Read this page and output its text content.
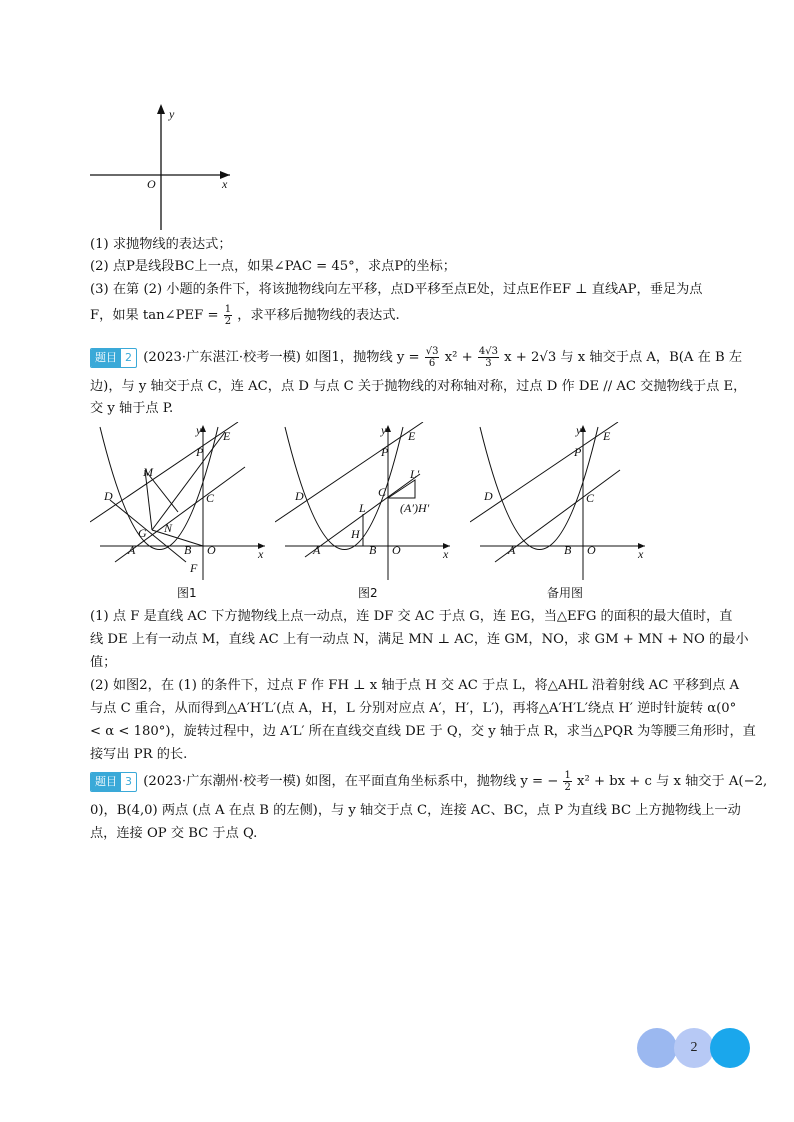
y
x
O
(1) 求抛物线的表达式；
(2) 点P是线段BC上一点，如果∠PAC = 45°，求点P的坐标；
(3) 在第 (2) 小题的条件下，将该抛物线向左平移，点D平移至点E处，过点E作EF ⊥ 直线AP，垂足为点
F，如果 tan∠PEF = $\frac{1}{2}$ ，求平移后抛物线的表达式.
题目 2 (2023·广东湛江·校考一模) 如图1，抛物线 $y = \frac{√3}{6} x^2 + \frac{4√3}{3}$ x + 2√3 与 x 轴交于点 A，B(A 在 B 左
边)，与 y 轴交于点 C，连 AC，点 D 与点 C 关于抛物线的对称轴对称，过点 D 作 DE // AC 交抛物线于点 E，
交 y 轴于点 P.
M
D
G N
A	B
F
O
C
P
E
x
y
D
L
H
A	B O
C
P
E
L′
(A′)H′
x
y
D
A	B O
C
P
E
x
y
图1	图2	备用图
(1) 点 F 是直线 AC 下方抛物线上点一动点，连 DF 交 AC 于点 G，连 EG，当△EFG 的面积的最大值时，直
线 DE 上有一动点 M，直线 AC 上有一动点 N，满足 MN ⊥ AC，连 GM，NO，求 GM + MN + NO 的最小
值；
(2) 如图2，在 (1) 的条件下，过点 F 作 FH ⊥ x 轴于点 H 交 AC 于点 L，将△AHL 沿着射线 AC 平移到点 A
与点 C 重合，从而得到△A′H′L′(点 A，H，L 分别对应点 A′，H′，L′)，再将△A′H′L′绕点 H′ 逆时针旋转 α(0°
< α < 180°)，旋转过程中，边 A′L′ 所在直线交直线 DE 于 Q，交 y 轴于点 R，求当△PQR 为等腰三角形时，直
接写出 PR 的长.
题目 3 (2023·广东潮州·校考一模) 如图，在平面直角坐标系中，抛物线 y = − $\frac{1}{2} x^2$ + bx + c 与 x 轴交于 A(−2,
0)，B(4,0) 两点 (点 A 在点 B 的左侧)，与 y 轴交于点 C，连接 AC、BC，点 P 为直线 BC 上方抛物线上一动
点，连接 OP 交 BC 于点 Q.
2
